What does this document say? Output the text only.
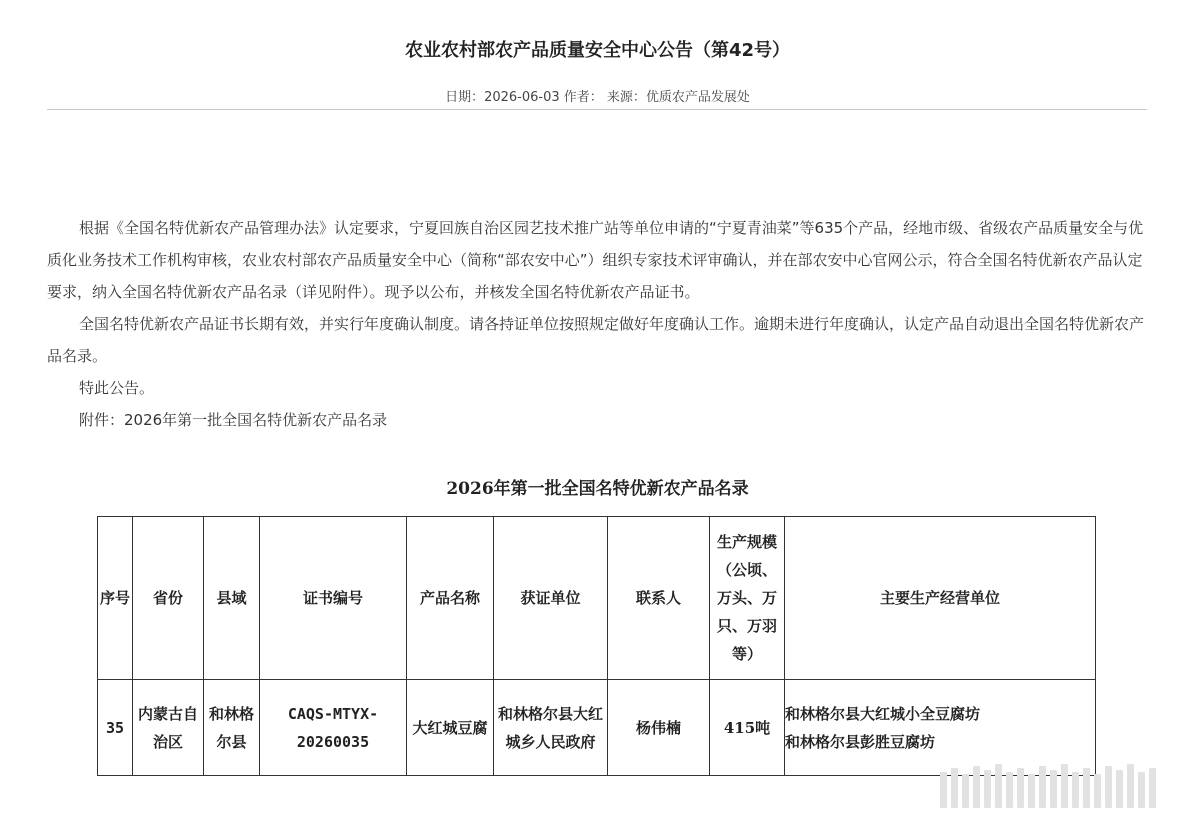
农业农村部农产品质量安全中心公告（第42号）
日期：2026-06-03 作者： 来源：优质农产品发展处

根据《全国名特优新农产品管理办法》认定要求，宁夏回族自治区园艺技术推广站等单位申请的“宁夏青油菜”等635个产品，经地市级、省级农产品质量安全与优质化业务技术工作机构审核，农业农村部农产品质量安全中心（简称“部农安中心”）组织专家技术评审确认，并在部农安中心官网公示，符合全国名特优新农产品认定要求，纳入全国名特优新农产品名录（详见附件）。现予以公布，并核发全国名特优新农产品证书。

全国名特优新农产品证书长期有效，并实行年度确认制度。请各持证单位按照规定做好年度确认工作。逾期未进行年度确认，认定产品自动退出全国名特优新农产品名录。

特此公告。

附件：2026年第一批全国名特优新农产品名录

2026年第一批全国名特优新农产品名录
序号	省份	县域	证书编号	产品名称	获证单位	联系人	生产规模（公顷、万头、万只、万羽等）	主要生产经营单位
35	内蒙古自治区	和林格尔县	CAQS-MTYX-20260035	大红城豆腐	和林格尔县大红城乡人民政府	杨伟楠	415吨	和林格尔县大红城小全豆腐坊
和林格尔县彭胜豆腐坊
